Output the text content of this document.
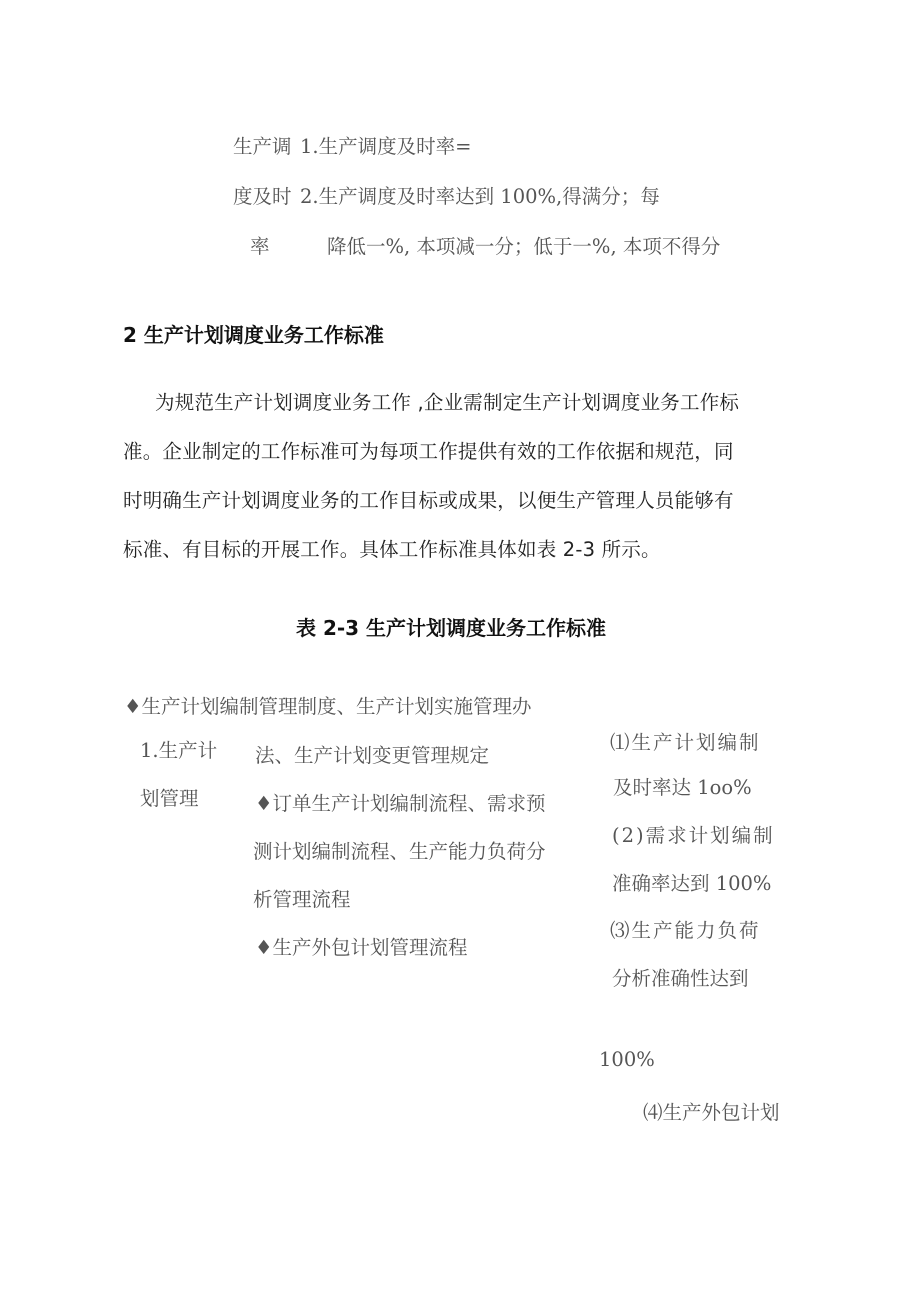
生产调 1.生产调度及时率=
度及时 2.生产调度及时率达到 100%,得满分；每
率	降低一%, 本项减一分；低于一%, 本项不得分
2 生产计划调度业务工作标准
为规范生产计划调度业务工作 ,企业需制定生产计划调度业务工作标
准。企业制定的工作标准可为每项工作提供有效的工作依据和规范，同
时明确生产计划调度业务的工作目标或成果，以便生产管理人员能够有
标准、有目标的开展工作。具体工作标准具体如表 2-3 所示。
表 2-3 生产计划调度业务工作标准
♦生产计划编制管理制度、生产计划实施管理办
1.生产计
划管理
法、生产计划变更管理规定
♦订单生产计划编制流程、需求预
测计划编制流程、生产能力负荷分
析管理流程
♦生产外包计划管理流程
⑴生产计划编制
及时率达 1oo%
(2)需求计划编制
准确率达到 100%
⑶生产能力负荷
分析准确性达到
100%
⑷生产外包计划
